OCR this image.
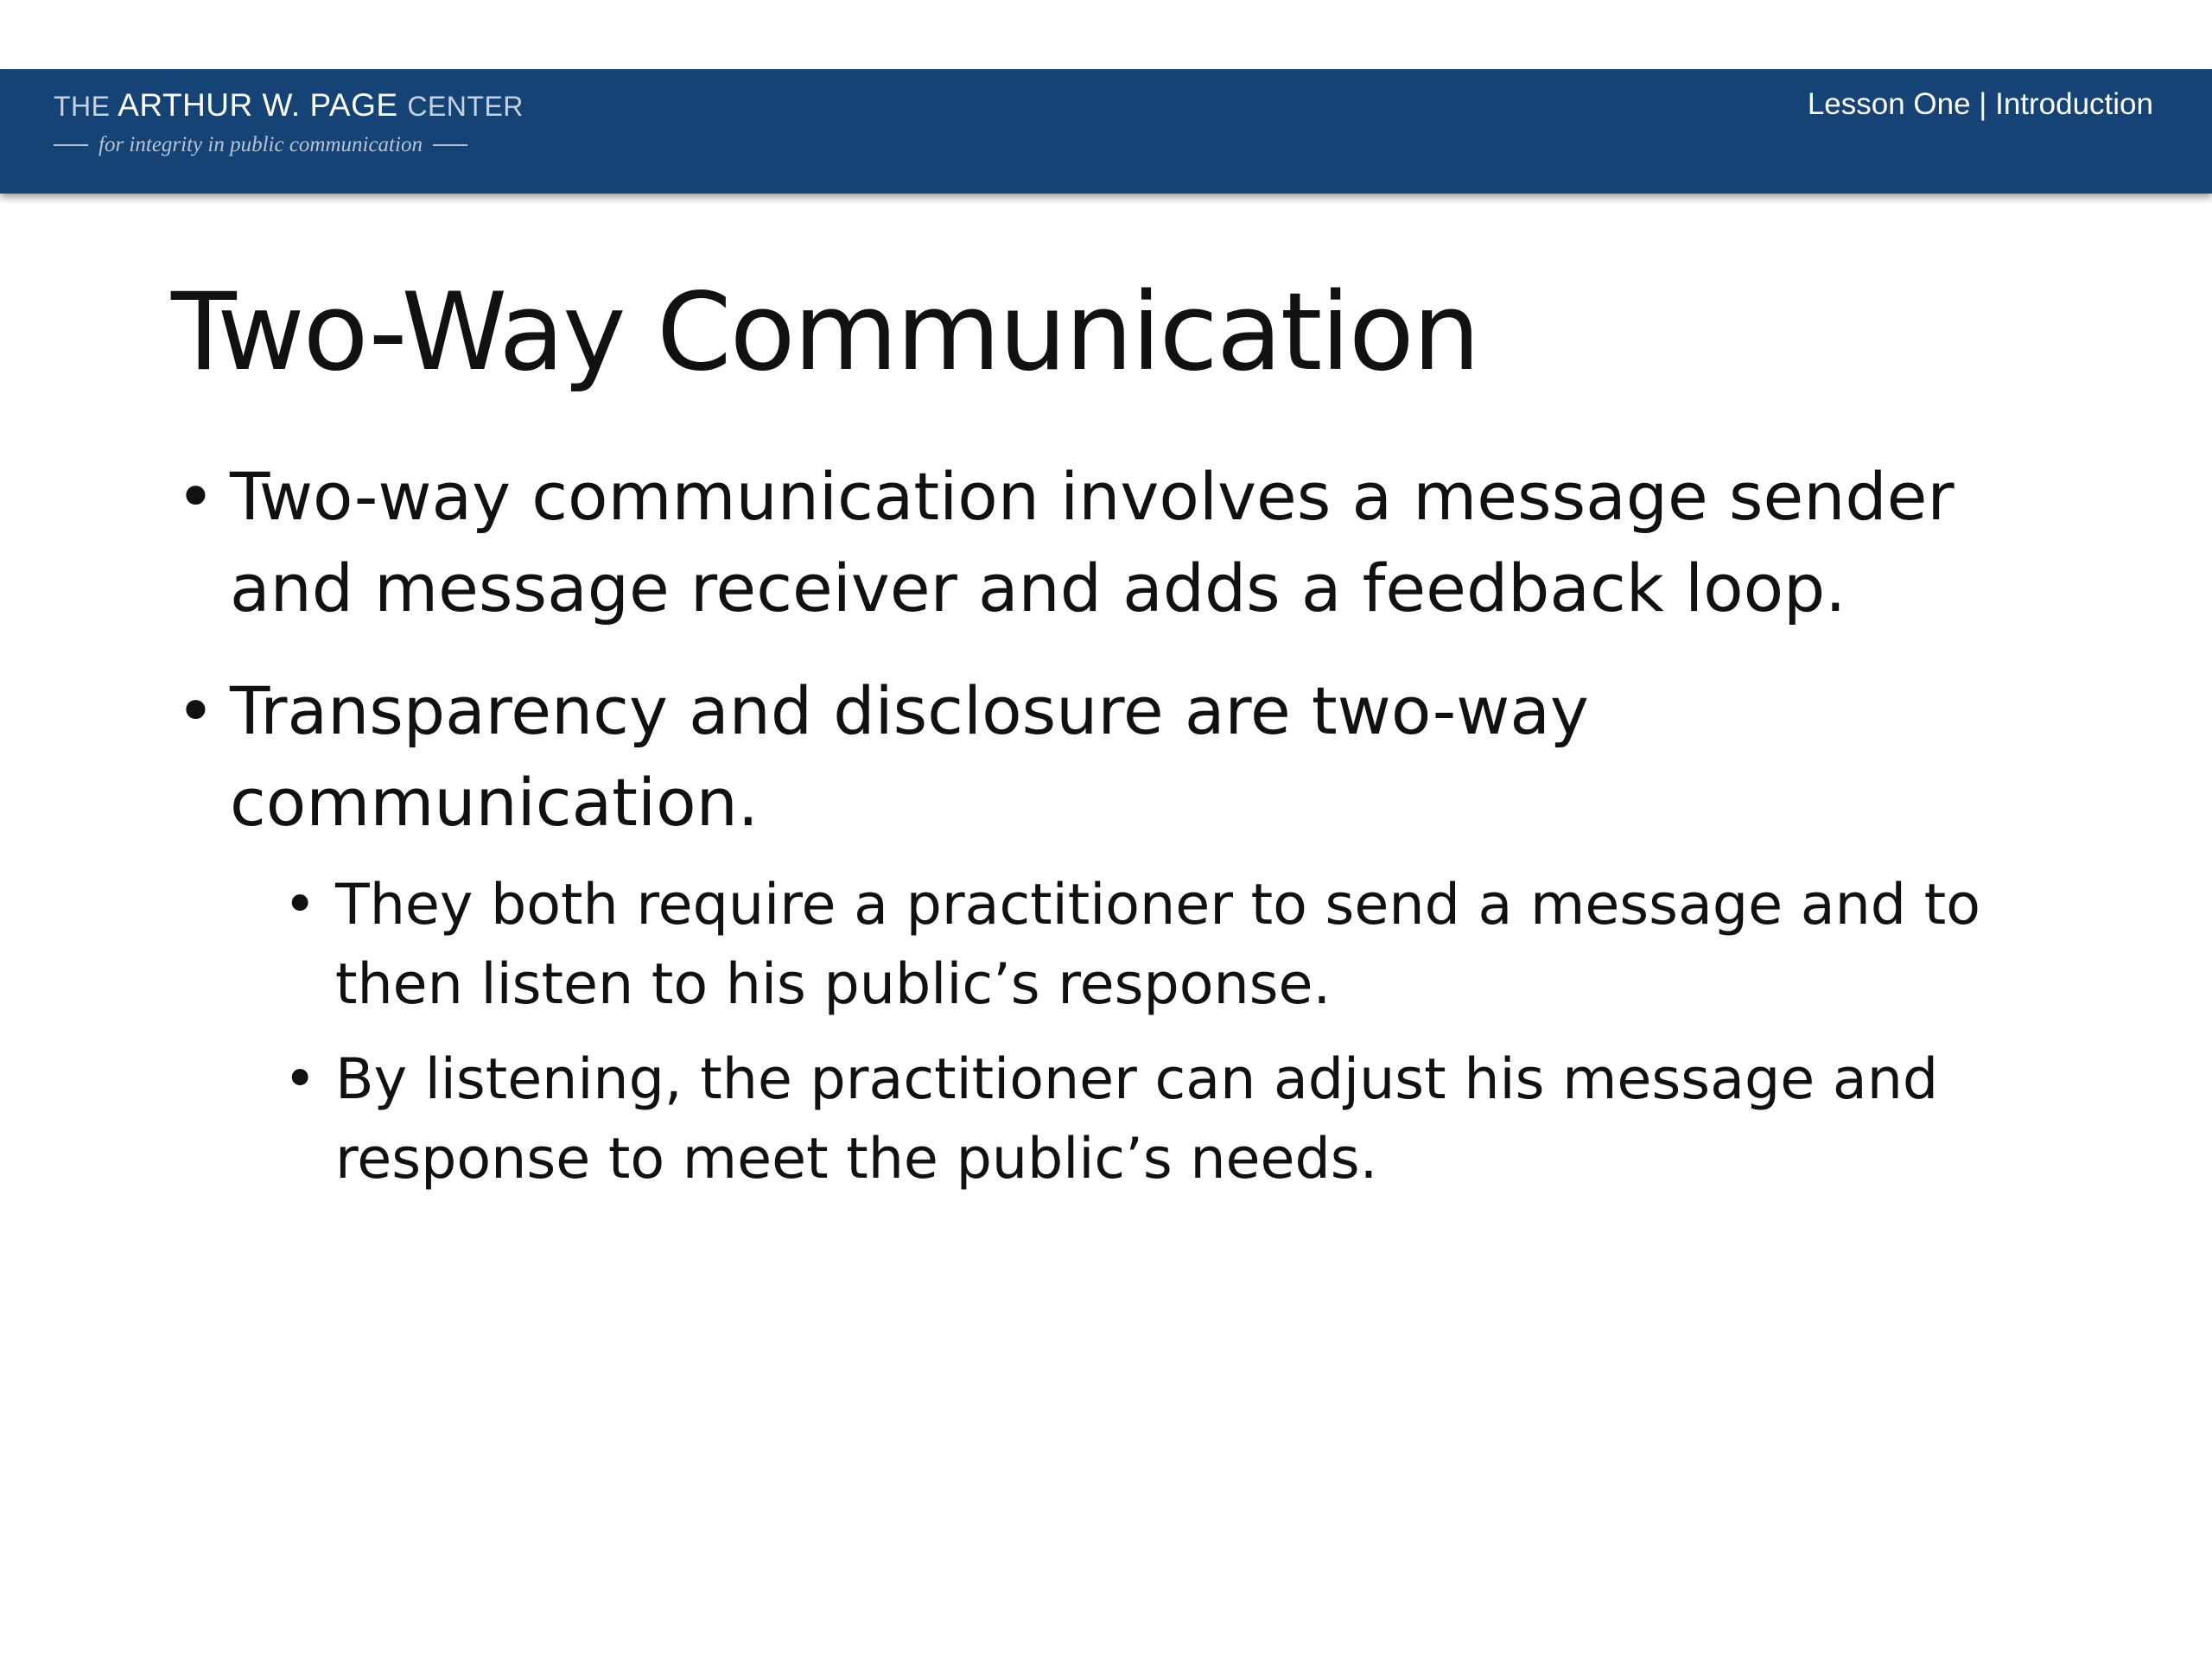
THE ARTHUR W. PAGE CENTER
for integrity in public communication
Lesson One | Introduction
Two-Way Communication
• Two-way communication involves a message sender and message receiver and adds a feedback loop.
• Transparency and disclosure are two-way communication.
• They both require a practitioner to send a message and to then listen to his public’s response.
• By listening, the practitioner can adjust his message and response to meet the public’s needs.
